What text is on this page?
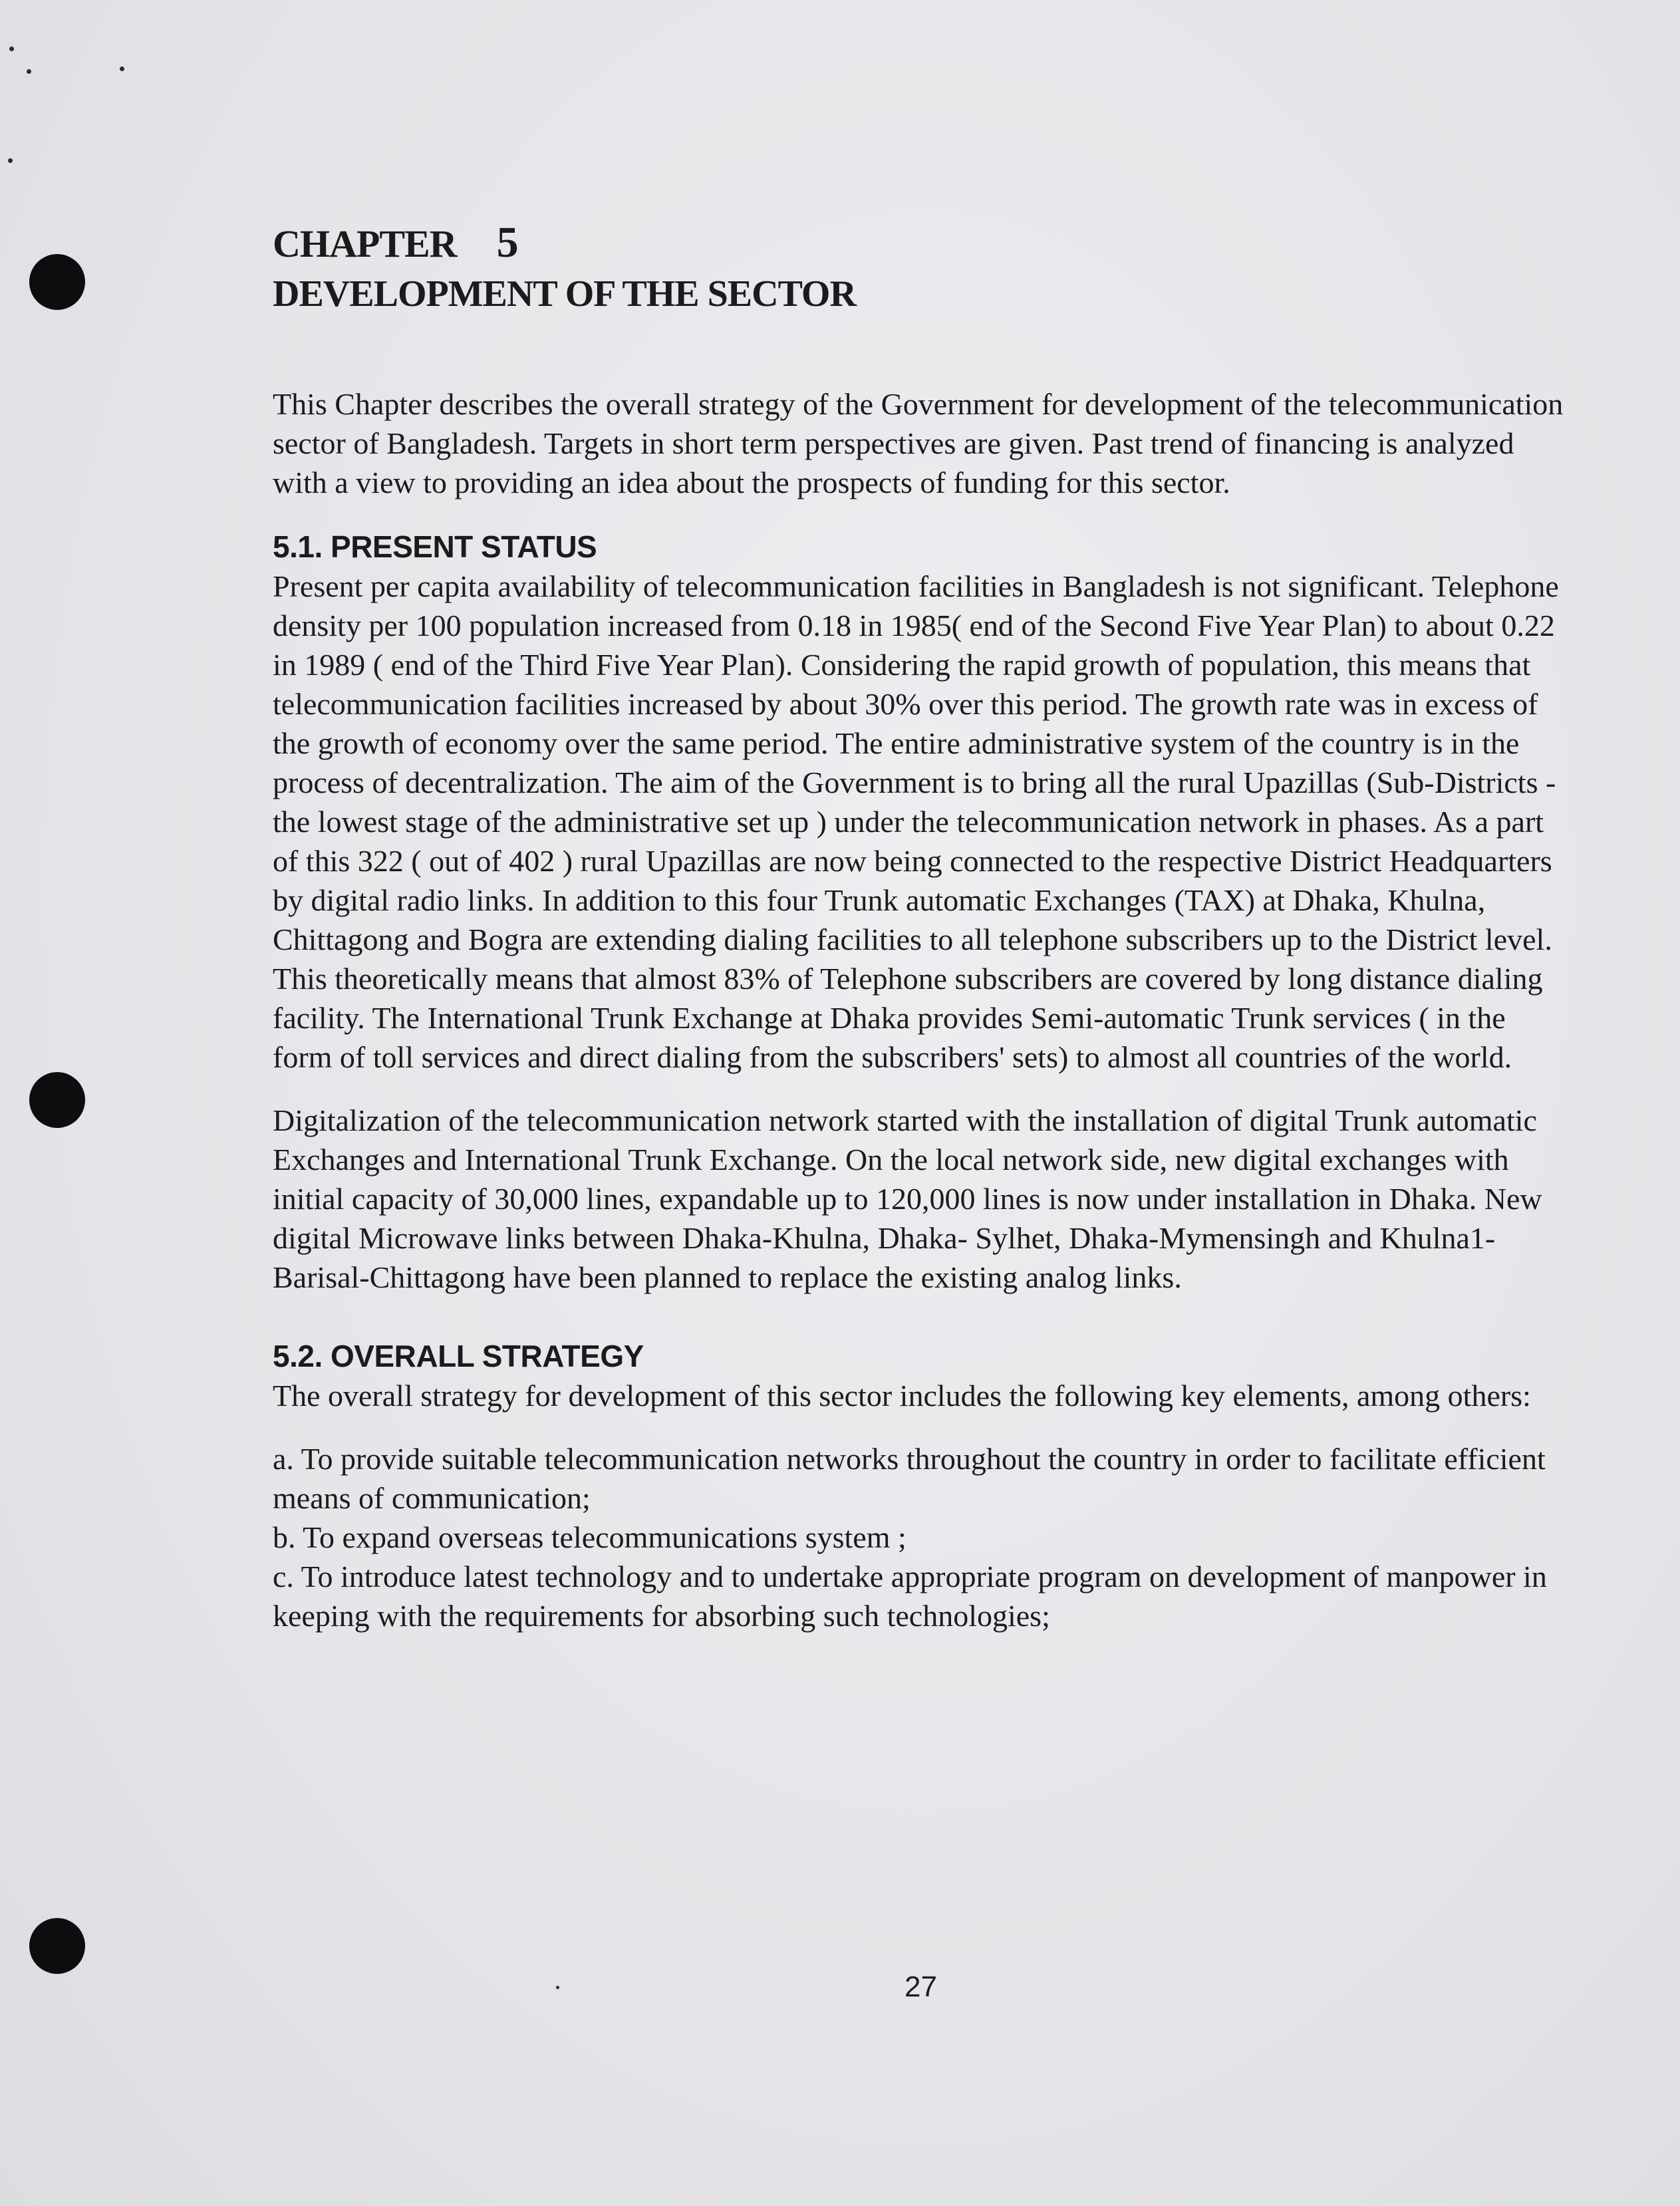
CHAPTER 5
DEVELOPMENT OF THE SECTOR

This Chapter describes the overall strategy of the Government for development of the telecommunication sector of Bangladesh. Targets in short term perspectives are given. Past trend of financing is analyzed with a view to providing an idea about the prospects of funding for this sector.

5.1. PRESENT STATUS

Present per capita availability of telecommunication facilities in Bangladesh is not significant. Telephone density per 100 population increased from 0.18 in 1985( end of the Second Five Year Plan) to about 0.22 in 1989 ( end of the Third Five Year Plan). Considering the rapid growth of population, this means that telecommunication facilities increased by about 30% over this period. The growth rate was in excess of the growth of economy over the same period. The entire administrative system of the country is in the process of decentralization. The aim of the Government is to bring all the rural Upazillas (Sub-Districts - the lowest stage of the administrative set up ) under the telecommunication network in phases. As a part of this 322 ( out of 402 ) rural Upazillas are now being connected to the respective District Headquarters by digital radio links. In addition to this four Trunk automatic Exchanges (TAX) at Dhaka, Khulna, Chittagong and Bogra are extending dialing facilities to all telephone subscribers up to the District level. This theoretically means that almost 83% of Telephone subscribers are covered by long distance dialing facility. The International Trunk Exchange at Dhaka provides Semi-automatic Trunk services ( in the form of toll services and direct dialing from the subscribers' sets) to almost all countries of the world.

Digitalization of the telecommunication network started with the installation of digital Trunk automatic Exchanges and International Trunk Exchange. On the local network side, new digital exchanges with initial capacity of 30,000 lines, expandable up to 120,000 lines is now under installation in Dhaka. New digital Microwave links between Dhaka-Khulna, Dhaka- Sylhet, Dhaka-Mymensingh and Khulna1-Barisal-Chittagong have been planned to replace the existing analog links.

5.2. OVERALL STRATEGY

The overall strategy for development of this sector includes the following key elements, among others:

a. To provide suitable telecommunication networks throughout the country in order to facilitate efficient means of communication;

b. To expand overseas telecommunications system ;

c. To introduce latest technology and to undertake appropriate program on development of manpower in keeping with the requirements for absorbing such technologies;

27
